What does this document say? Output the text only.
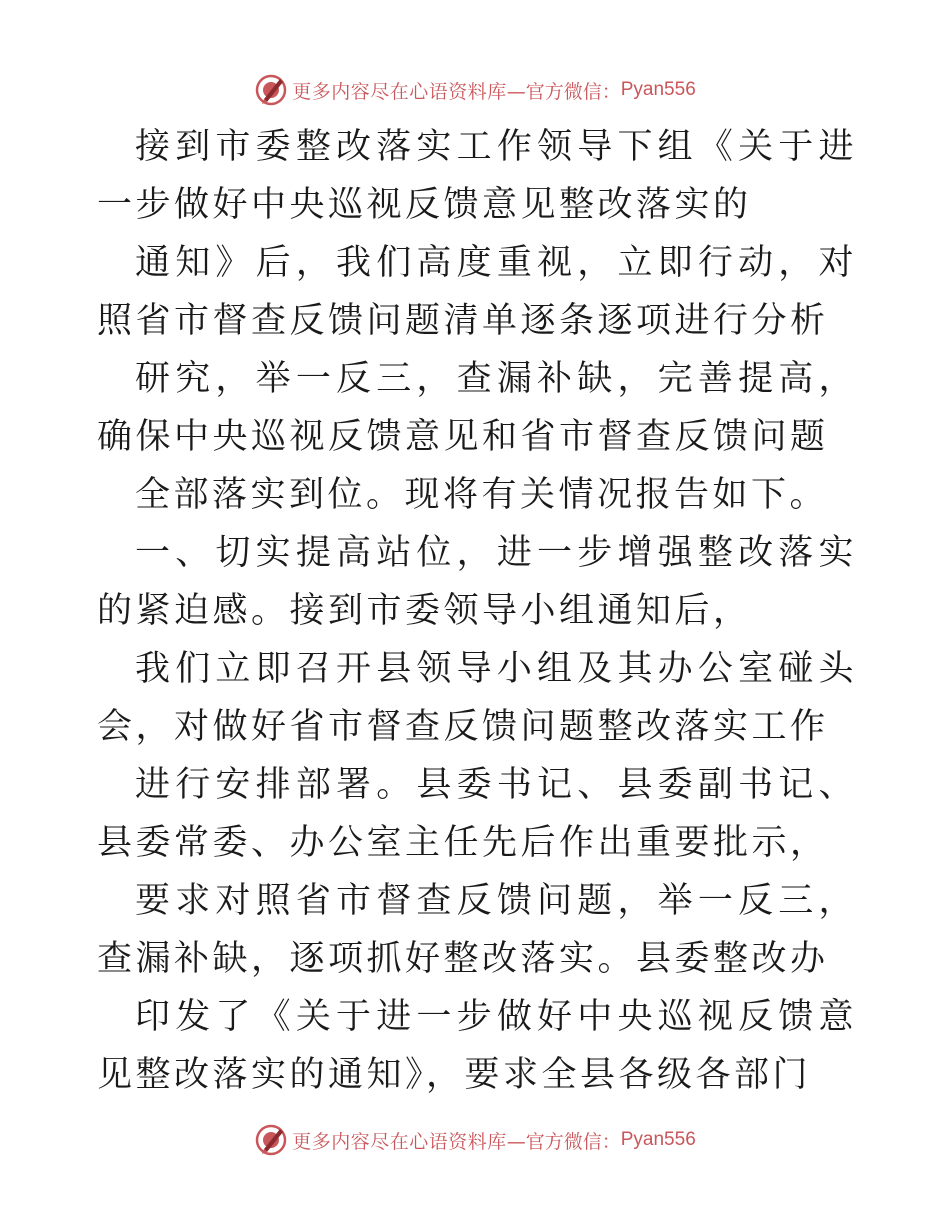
更多内容尽在心语资料库 —官方微信： Pyan556

接到市委整改落实工作领导下组《关于进一步做好中央巡视反馈意见整改落实的

通知》后，我们高度重视，立即行动，对照省市督查反馈问题清单逐条逐项进行分析

研究，举一反三，查漏补缺，完善提高，确保中央巡视反馈意见和省市督查反馈问题

全部落实到位。现将有关情况报告如下。

一、切实提高站位，进一步增强整改落实的紧迫感。接到市委领导小组通知后，

我们立即召开县领导小组及其办公室碰头会，对做好省市督查反馈问题整改落实工作

进行安排部署。县委书记、县委副书记、县委常委、办公室主任先后作出重要批示，

要求对照省市督查反馈问题，举一反三，查漏补缺，逐项抓好整改落实。县委整改办

印发了《关于进一步做好中央巡视反馈意见整改落实的通知》，要求全县各级各部门

更多内容尽在心语资料库 —官方微信： Pyan556
